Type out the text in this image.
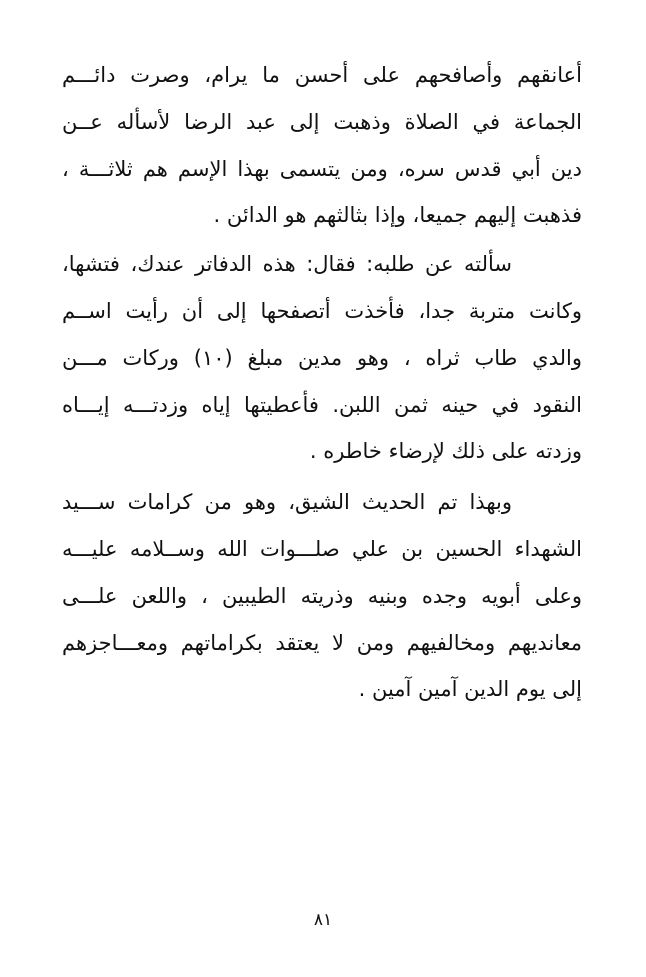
أعانقهم وأصافحهم على أحسن ما يرام، وصرت دائـــم
الجماعة في الصلاة وذهبت إلى عبد الرضا لأسأله عــن
دين أبي قدس سره، ومن يتسمى بهذا الإسم هم ثلاثـــة ،
فذهبت إليهم جميعا، وإذا بثالثهم هو الدائن .
سألته عن طلبه: فقال: هذه الدفاتر عندك، فتشها،
وكانت متربة جدا، فأخذت أتصفحها إلى أن رأيت اســم
والدي طاب ثراه ، وهو مدين مبلغ (١٠) وركات مـــن
النقود في حينه ثمن اللبن. فأعطيتها إياه وزدتـــه إيـــاه
وزدته على ذلك لإرضاء خاطره .
وبهذا تم الحديث الشيق، وهو من كرامات ســـيد
الشهداء الحسين بن علي صلـــوات الله وســلامه عليـــه
وعلى أبويه وجده وبنيه وذريته الطيبين ، واللعن علـــى
معانديهم ومخالفيهم ومن لا يعتقد بكراماتهم ومعـــاجزهم
إلى يوم الدين آمين آمين .
٨١
